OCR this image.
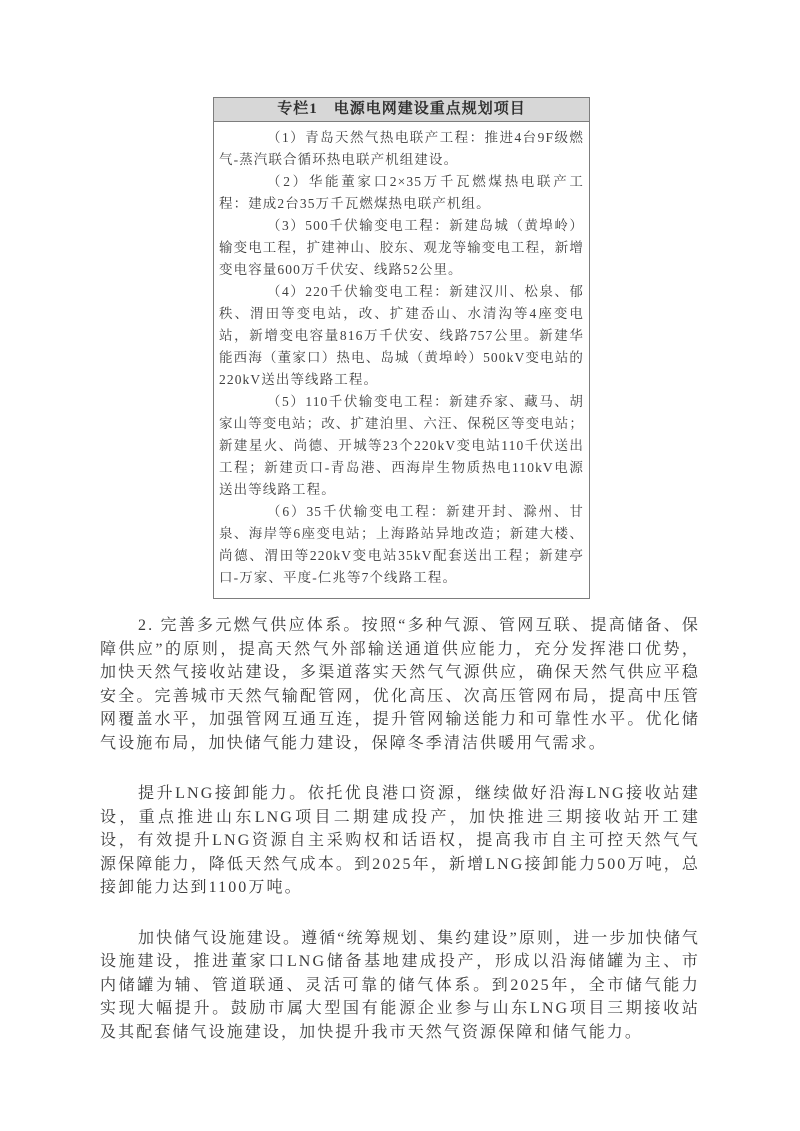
专栏1 电源电网建设重点规划项目

（1）青岛天然气热电联产工程：推进4台9F级燃气-蒸汽联合循环热电联产机组建设。

（2）华能董家口2×35万千瓦燃煤热电联产工程：建成2台35万千瓦燃煤热电联产机组。

（3）500千伏输变电工程：新建岛城（黄埠岭）输变电工程，扩建神山、胶东、观龙等输变电工程，新增变电容量600万千伏安、线路52公里。

（4）220千伏输变电工程：新建汉川、松泉、郁秩、渭田等变电站，改、扩建岙山、水清沟等4座变电站，新增变电容量816万千伏安、线路757公里。新建华能西海（董家口）热电、岛城（黄埠岭）500kV变电站的220kV送出等线路工程。

（5）110千伏输变电工程：新建乔家、藏马、胡家山等变电站；改、扩建泊里、六汪、保税区等变电站；新建星火、尚德、开城等23个220kV变电站110千伏送出工程；新建贡口-青岛港、西海岸生物质热电110kV电源送出等线路工程。

（6）35千伏输变电工程：新建开封、滁州、甘泉、海岸等6座变电站；上海路站异地改造；新建大楼、尚德、渭田等220kV变电站35kV配套送出工程；新建亭口-万家、平度-仁兆等7个线路工程。

2. 完善多元燃气供应体系。按照“多种气源、管网互联、提高储备、保障供应”的原则，提高天然气外部输送通道供应能力，充分发挥港口优势，加快天然气接收站建设，多渠道落实天然气气源供应，确保天然气供应平稳安全。完善城市天然气输配管网，优化高压、次高压管网布局，提高中压管网覆盖水平，加强管网互通互连，提升管网输送能力和可靠性水平。优化储气设施布局，加快储气能力建设，保障冬季清洁供暖用气需求。

提升LNG接卸能力。依托优良港口资源，继续做好沿海LNG接收站建设，重点推进山东LNG项目二期建成投产，加快推进三期接收站开工建设，有效提升LNG资源自主采购权和话语权，提高我市自主可控天然气气源保障能力，降低天然气成本。到2025年，新增LNG接卸能力500万吨，总接卸能力达到1100万吨。

加快储气设施建设。遵循“统筹规划、集约建设”原则，进一步加快储气设施建设，推进董家口LNG储备基地建成投产，形成以沿海储罐为主、市内储罐为辅、管道联通、灵活可靠的储气体系。到2025年，全市储气能力实现大幅提升。鼓励市属大型国有能源企业参与山东LNG项目三期接收站及其配套储气设施建设，加快提升我市天然气资源保障和储气能力。
